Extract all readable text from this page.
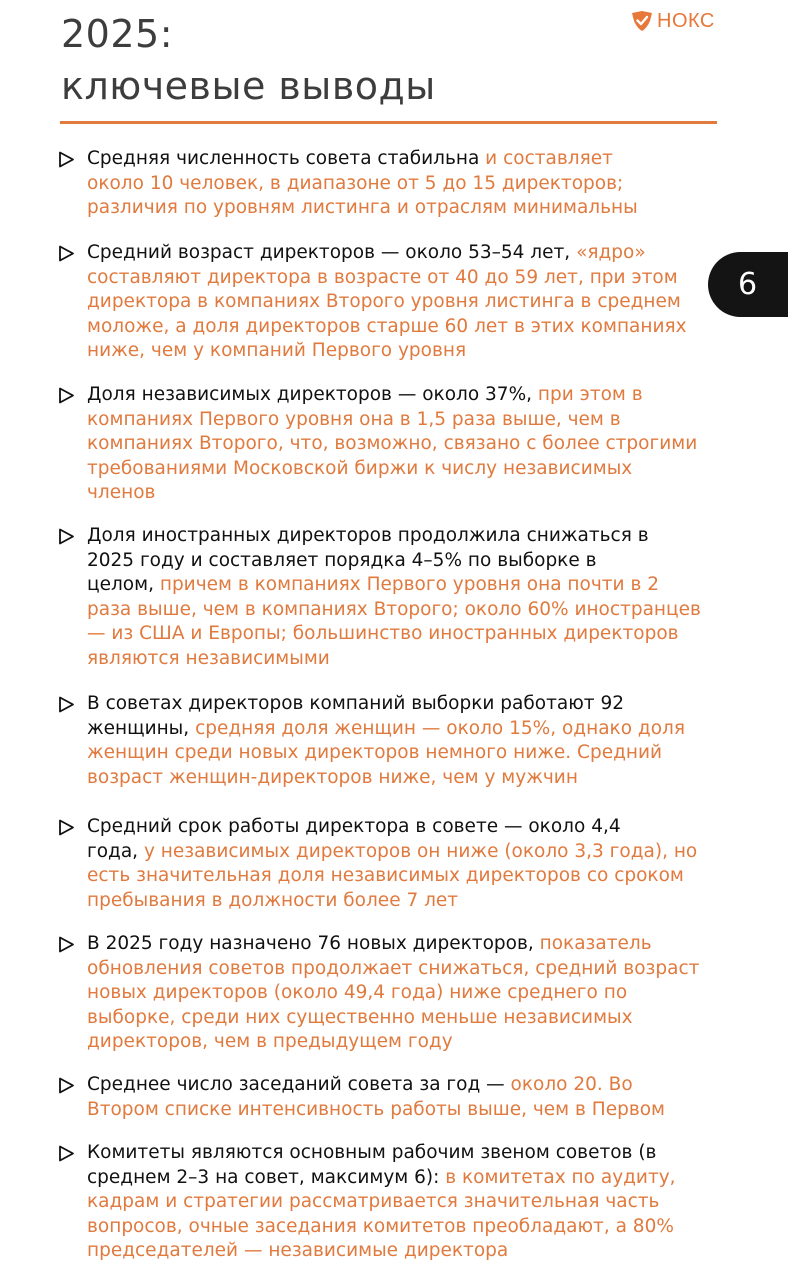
2025:
ключевые выводы
НОКС
6
Средняя численность совета стабильна и составляет
около 10 человек, в диапазоне от 5 до 15 директоров;
различия по уровням листинга и отраслям минимальны
Средний возраст директоров — около 53–54 лет, «ядро»
составляют директора в возрасте от 40 до 59 лет, при этом
директора в компаниях Второго уровня листинга в среднем
моложе, а доля директоров старше 60 лет в этих компаниях
ниже, чем у компаний Первого уровня
Доля независимых директоров — около 37%, при этом в
компаниях Первого уровня она в 1,5 раза выше, чем в
компаниях Второго, что, возможно, связано с более строгими
требованиями Московской биржи к числу независимых
членов
Доля иностранных директоров продолжила снижаться в
2025 году и составляет порядка 4–5% по выборке в
целом, причем в компаниях Первого уровня она почти в 2
раза выше, чем в компаниях Второго; около 60% иностранцев
— из США и Европы; большинство иностранных директоров
являются независимыми
В советах директоров компаний выборки работают 92
женщины, средняя доля женщин — около 15%, однако доля
женщин среди новых директоров немного ниже. Средний
возраст женщин-директоров ниже, чем у мужчин
Средний срок работы директора в совете — около 4,4
года, у независимых директоров он ниже (около 3,3 года), но
есть значительная доля независимых директоров со сроком
пребывания в должности более 7 лет
В 2025 году назначено 76 новых директоров, показатель
обновления советов продолжает снижаться, средний возраст
новых директоров (около 49,4 года) ниже среднего по
выборке, среди них существенно меньше независимых
директоров, чем в предыдущем году
Среднее число заседаний совета за год — около 20. Во
Втором списке интенсивность работы выше, чем в Первом
Комитеты являются основным рабочим звеном советов (в
среднем 2–3 на совет, максимум 6): в комитетах по аудиту,
кадрам и стратегии рассматривается значительная часть
вопросов, очные заседания комитетов преобладают, а 80%
председателей — независимые директора
